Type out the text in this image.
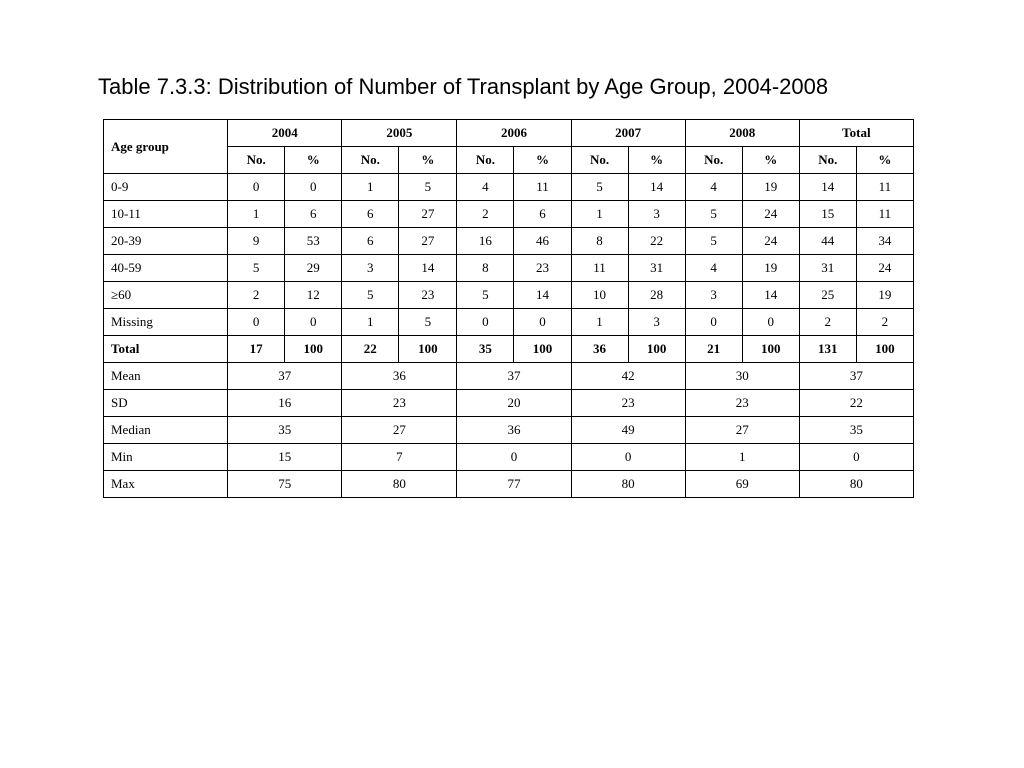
Table 7.3.3: Distribution of Number of Transplant by Age Group, 2004-2008
Age group	2004		2005		2006		2007		2008		Total	
	No.	%	No.	%	No.	%	No.	%	No.	%	No.	%
0-9	0	0	1	5	4	11	5	14	4	19	14	11
10-11	1	6	6	27	2	6	1	3	5	24	15	11
20-39	9	53	6	27	16	46	8	22	5	24	44	34
40-59	5	29	3	14	8	23	11	31	4	19	31	24
≥60	2	12	5	23	5	14	10	28	3	14	25	19
Missing	0	0	1	5	0	0	1	3	0	0	2	2
Total	17	100	22	100	35	100	36	100	21	100	131	100
Mean	37		36		37		42		30		37	
SD	16		23		20		23		23		22	
Median	35		27		36		49		27		35	
Min	15		7		0		0		1		0	
Max	75		80		77		80		69		80	
